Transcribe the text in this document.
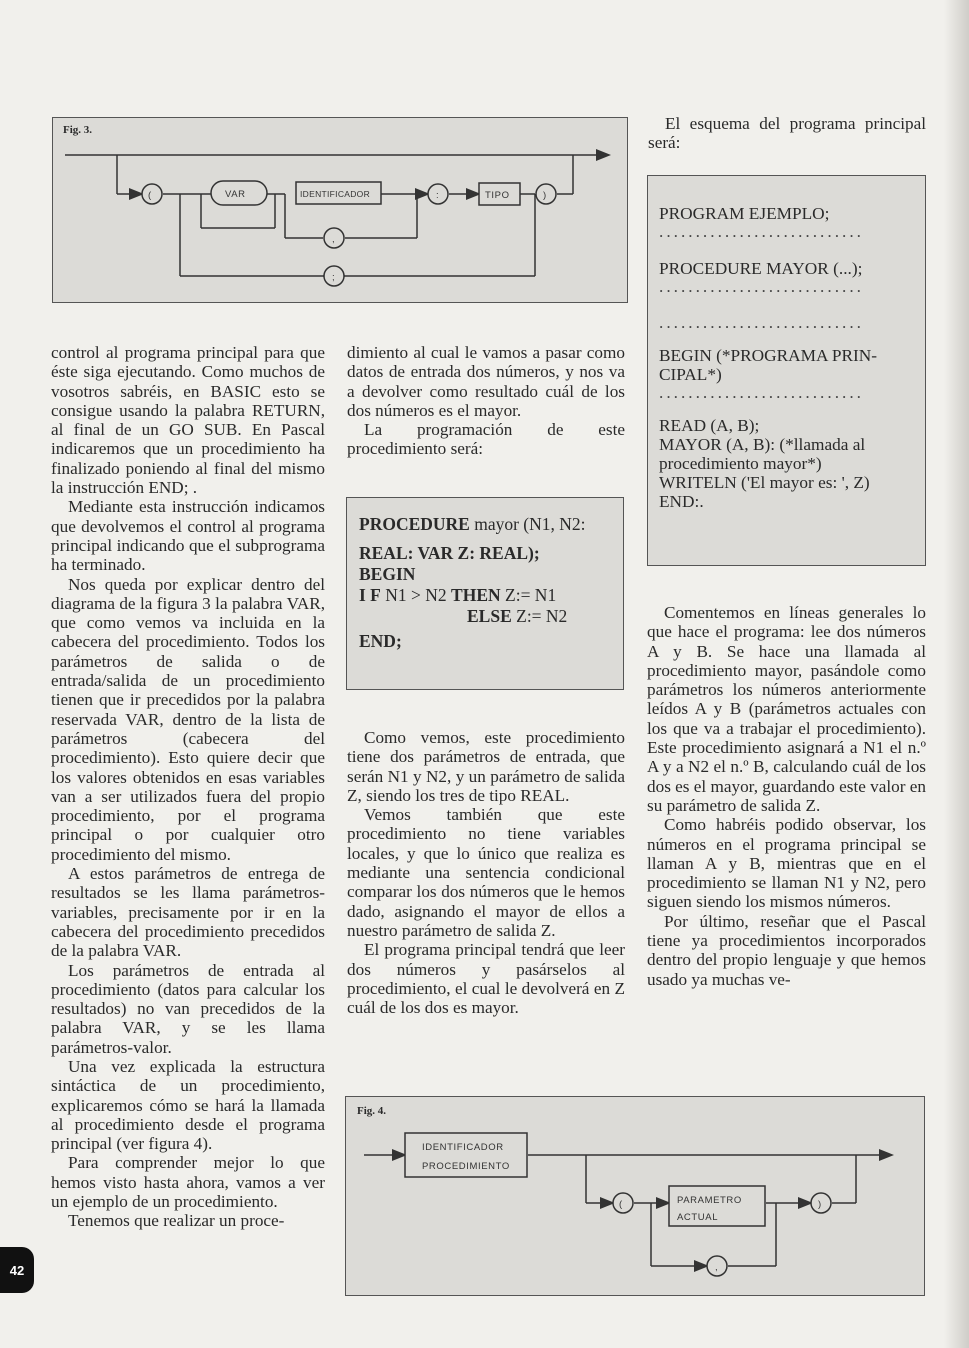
Fig. 3.
(	VAR	IDENTIFICADOR
,
:	TIPO	)
;
El esquema del programa principal será:
PROGRAM EJEMPLO;
............................
PROCEDURE MAYOR (...);
............................
............................
BEGIN (*PROGRAMA PRIN-
CIPAL*)
............................
READ (A, B);
MAYOR (A, B): (*llamada al
procedimiento mayor*)
WRITELN ('El mayor es: ', Z)
END:.

control al programa principal para que éste siga ejecutando. Como muchos de vosotros sabréis, en BASIC esto se consigue usando la palabra RETURN, al final de un GO SUB. En Pascal indicaremos que un procedimiento ha finalizado poniendo al final del mismo la instrucción END; .

Mediante esta instrucción indicamos que devolvemos el control al programa principal indicando que el subprograma ha terminado.

Nos queda por explicar dentro del diagrama de la figura 3 la palabra VAR, que como vemos va incluida en la cabecera del procedimiento. Todos los parámetros de salida o de entrada/salida de un procedimiento tienen que ir precedidos por la palabra reservada VAR, dentro de la lista de parámetros (cabecera del procedimiento). Esto quiere decir que los valores obtenidos en esas variables van a ser utilizados fuera del propio procedimiento, por el programa principal o por cualquier otro procedimiento del mismo.

A estos parámetros de entrega de resultados se les llama parámetros-variables, precisamente por ir en la cabecera del procedimiento precedidos de la palabra VAR.

Los parámetros de entrada al procedimiento (datos para calcular los resultados) no van precedidos de la palabra VAR, y se les llama parámetros-valor.

Una vez explicada la estructura sintáctica de un procedimiento, explicaremos cómo se hará la llamada al procedimiento desde el programa principal (ver figura 4).

Para comprender mejor lo que hemos visto hasta ahora, vamos a ver un ejemplo de un procedimiento.

Tenemos que realizar un proce-

dimiento al cual le vamos a pasar como datos de entrada dos números, y nos va a devolver como resultado cuál de los dos números es el mayor.

La programación de este procedimiento será:

PROCEDURE mayor (N1, N2:
REAL: VAR Z: REAL);
BEGIN
I F N1 > N2 THEN Z:= N1
ELSE Z:= N2
END;

Como vemos, este procedimiento tiene dos parámetros de entrada, que serán N1 y N2, y un parámetro de salida Z, siendo los tres de tipo REAL.

Vemos también que este procedimiento no tiene variables locales, y que lo único que realiza es mediante una sentencia condicional comparar los dos números que le hemos dado, asignando el mayor de ellos a nuestro parámetro de salida Z.

El programa principal tendrá que leer dos números y pasárselos al procedimiento, el cual le devolverá en Z cuál de los dos es mayor.

Comentemos en líneas generales lo que hace el programa: lee dos números A y B. Se hace una llamada al procedimiento mayor, pasándole como parámetros los números anteriormente leídos A y B (parámetros actuales con los que va a trabajar el procedimiento). Este procedimiento asignará a N1 el n.º A y a N2 el n.º B, calculando cuál de los dos es el mayor, guardando este valor en su parámetro de salida Z.

Como habréis podido observar, los números en el programa principal se llaman A y B, mientras que en el procedimiento se llaman N1 y N2, pero siguen siendo los mismos números.

Por último, reseñar que el Pascal tiene ya procedimientos incorporados dentro del propio lenguaje y que hemos usado ya muchas ve-

Fig. 4.
IDENTIFICADOR
PROCEDIMIENTO
PARAMETRO
ACTUAL
(	)
,
42
